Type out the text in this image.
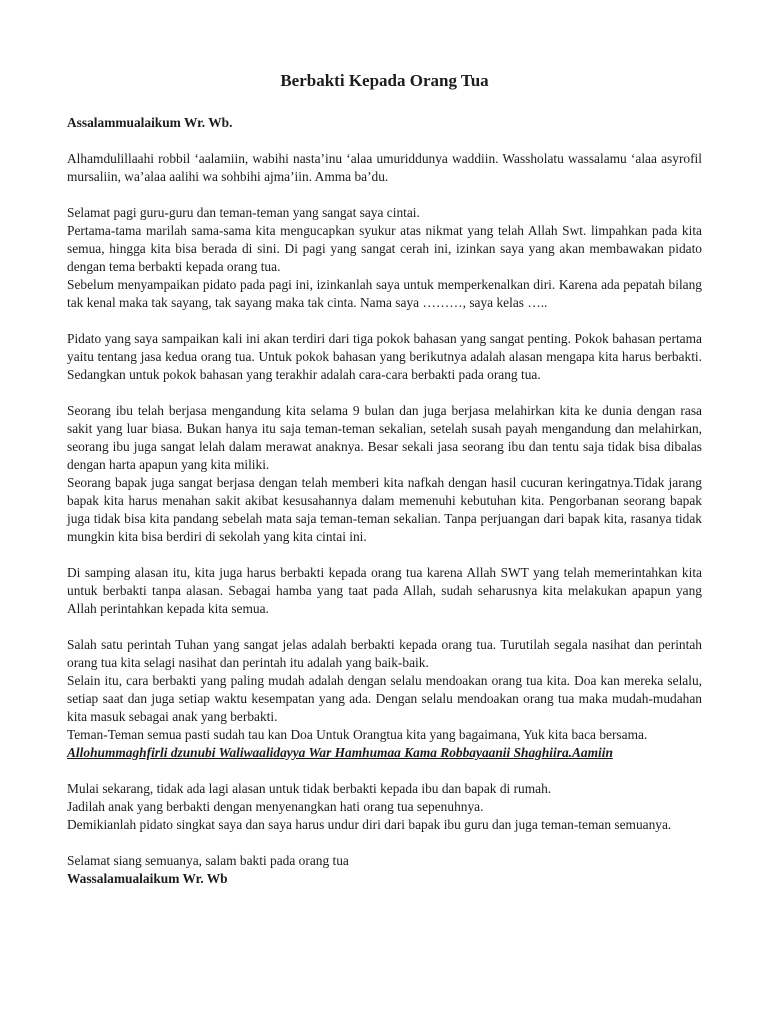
Berbakti Kepada Orang Tua

Assalammualaikum Wr. Wb.

Alhamdulillaahi robbil ‘aalamiin, wabihi nasta’inu ‘alaa umuriddunya waddiin. Wassholatu wassalamu ‘alaa asyrofil mursaliin, wa’alaa aalihi wa sohbihi ajma’iin. Amma ba’du.

Selamat pagi guru-guru dan teman-teman yang sangat saya cintai.

Pertama-tama marilah sama-sama kita mengucapkan syukur atas nikmat yang telah Allah Swt. limpahkan pada kita semua, hingga kita bisa berada di sini. Di pagi yang sangat cerah ini, izinkan saya yang akan membawakan pidato dengan tema berbakti kepada orang tua.

Sebelum menyampaikan pidato pada pagi ini, izinkanlah saya untuk memperkenalkan diri. Karena ada pepatah bilang tak kenal maka tak sayang, tak sayang maka tak cinta. Nama saya ………, saya kelas …..

Pidato yang saya sampaikan kali ini akan terdiri dari tiga pokok bahasan yang sangat penting. Pokok bahasan pertama yaitu tentang jasa kedua orang tua. Untuk pokok bahasan yang berikutnya adalah alasan mengapa kita harus berbakti. Sedangkan untuk pokok bahasan yang terakhir adalah cara-cara berbakti pada orang tua.

Seorang ibu telah berjasa mengandung kita selama 9 bulan dan juga berjasa melahirkan kita ke dunia dengan rasa sakit yang luar biasa. Bukan hanya itu saja teman-teman sekalian, setelah susah payah mengandung dan melahirkan, seorang ibu juga sangat lelah dalam merawat anaknya. Besar sekali jasa seorang ibu dan tentu saja tidak bisa dibalas dengan harta apapun yang kita miliki.

Seorang bapak juga sangat berjasa dengan telah memberi kita nafkah dengan hasil cucuran keringatnya.Tidak jarang bapak kita harus menahan sakit akibat kesusahannya dalam memenuhi kebutuhan kita. Pengorbanan seorang bapak juga tidak bisa kita pandang sebelah mata saja teman-teman sekalian. Tanpa perjuangan dari bapak kita, rasanya tidak mungkin kita bisa berdiri di sekolah yang kita cintai ini.

Di samping alasan itu, kita juga harus berbakti kepada orang tua karena Allah SWT yang telah memerintahkan kita untuk berbakti tanpa alasan. Sebagai hamba yang taat pada Allah, sudah seharusnya kita melakukan apapun yang Allah perintahkan kepada kita semua.

Salah satu perintah Tuhan yang sangat jelas adalah berbakti kepada orang tua. Turutilah segala nasihat dan perintah orang tua kita selagi nasihat dan perintah itu adalah yang baik-baik.

Selain itu, cara berbakti yang paling mudah adalah dengan selalu mendoakan orang tua kita. Doa kan mereka selalu, setiap saat dan juga setiap waktu kesempatan yang ada. Dengan selalu mendoakan orang tua maka mudah-mudahan kita masuk sebagai anak yang berbakti.

Teman-Teman semua pasti sudah tau kan Doa Untuk Orangtua kita yang bagaimana, Yuk kita baca bersama.

Allohummaghfirli dzunubi Waliwaalidayya War Hamhumaa Kama Robbayaanii Shaghiira.Aamiin

Mulai sekarang, tidak ada lagi alasan untuk tidak berbakti kepada ibu dan bapak di rumah.

Jadilah anak yang berbakti dengan menyenangkan hati orang tua sepenuhnya.

Demikianlah pidato singkat saya dan saya harus undur diri dari bapak ibu guru dan juga teman-teman semuanya.

Selamat siang semuanya, salam bakti pada orang tua

Wassalamualaikum Wr. Wb
